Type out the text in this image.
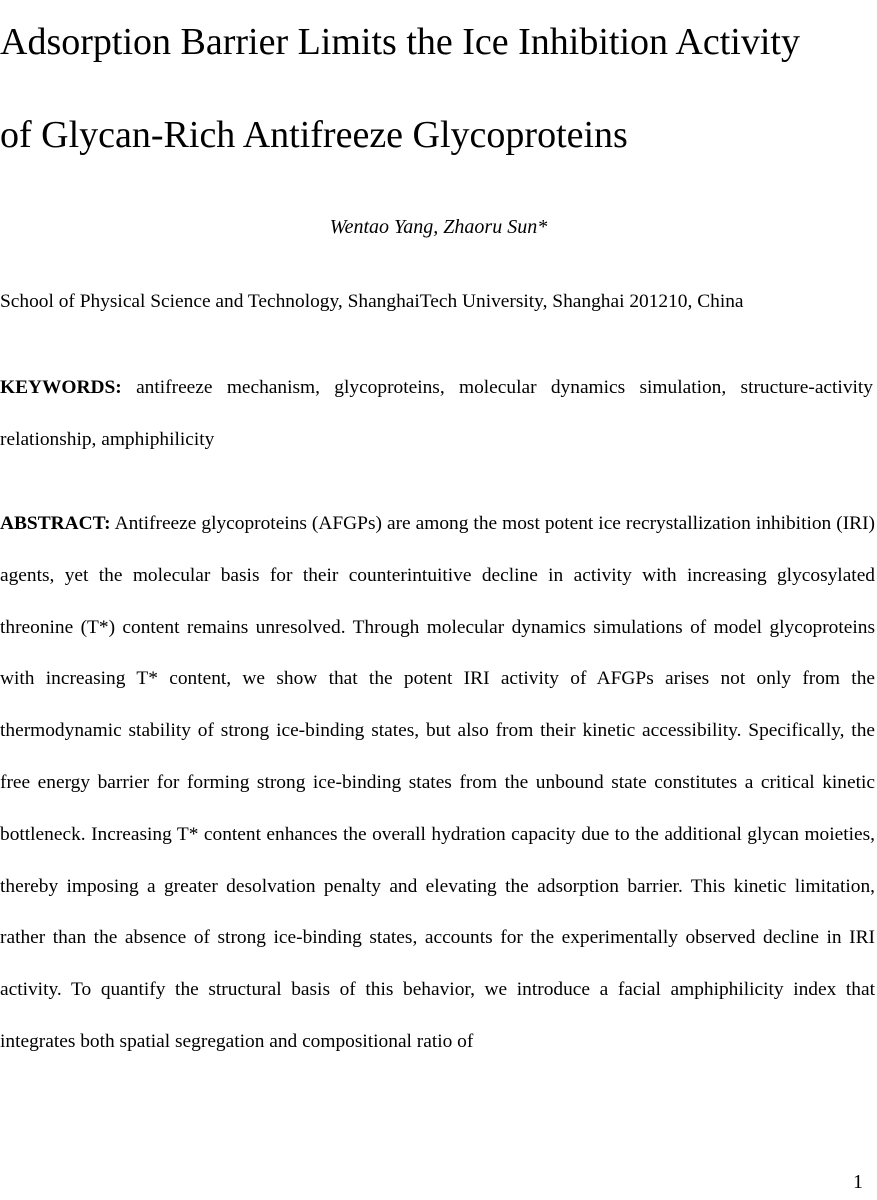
Adsorption Barrier Limits the Ice Inhibition Activity
of Glycan-Rich Antifreeze Glycoproteins
Wentao Yang, Zhaoru Sun*
School of Physical Science and Technology, ShanghaiTech University, Shanghai 201210, China

KEYWORDS: antifreeze mechanism, glycoproteins, molecular dynamics simulation, structure-activity relationship, amphiphilicity

ABSTRACT: Antifreeze glycoproteins (AFGPs) are among the most potent ice recrystallization inhibition (IRI) agents, yet the molecular basis for their counterintuitive decline in activity with increasing glycosylated threonine (T*) content remains unresolved. Through molecular dynamics simulations of model glycoproteins with increasing T* content, we show that the potent IRI activity of AFGPs arises not only from the thermodynamic stability of strong ice-binding states, but also from their kinetic accessibility. Specifically, the free energy barrier for forming strong ice-binding states from the unbound state constitutes a critical kinetic bottleneck. Increasing T* content enhances the overall hydration capacity due to the additional glycan moieties, thereby imposing a greater desolvation penalty and elevating the adsorption barrier. This kinetic limitation, rather than the absence of strong ice-binding states, accounts for the experimentally observed decline in IRI activity. To quantify the structural basis of this behavior, we introduce a facial amphiphilicity index that integrates both spatial segregation and compositional ratio of

1
